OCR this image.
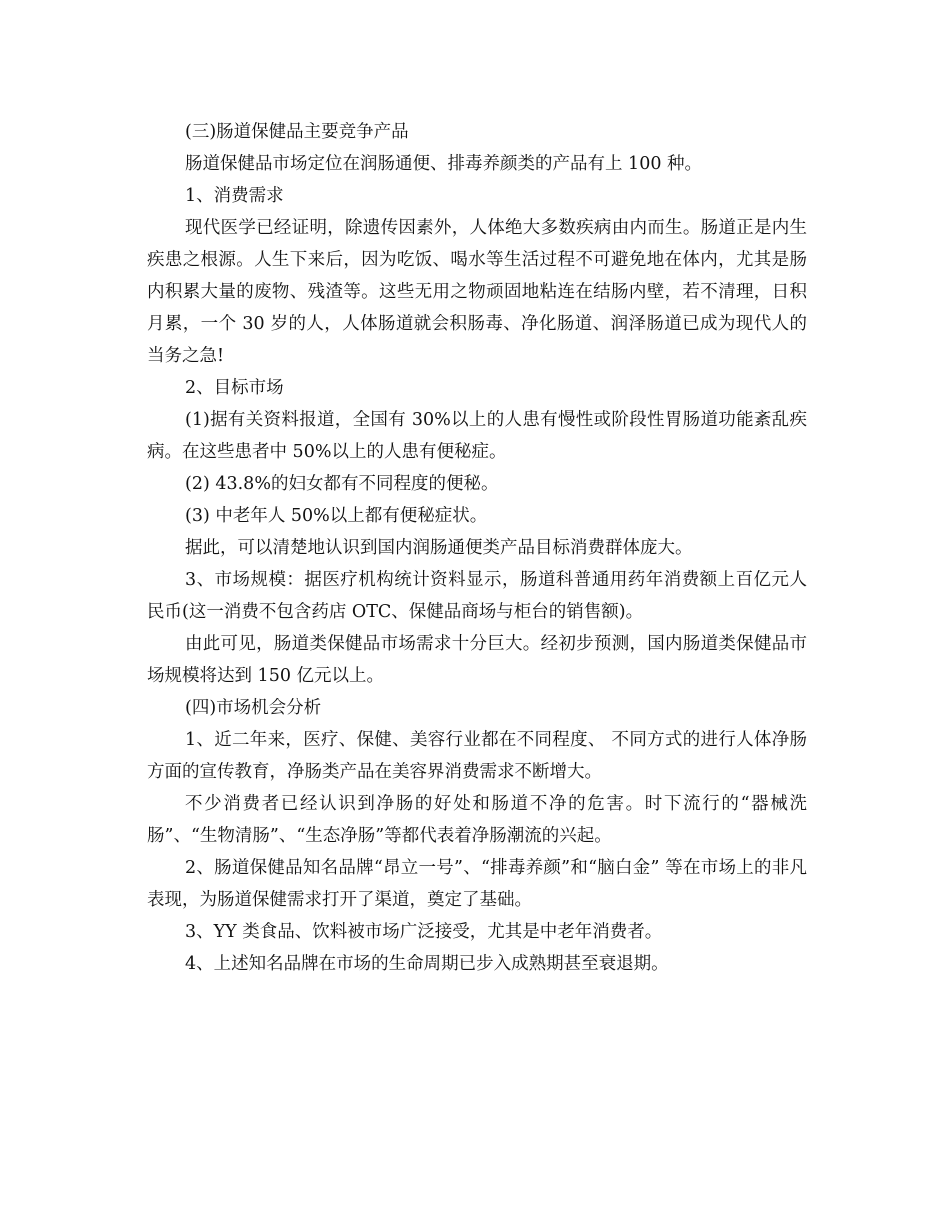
(三)肠道保健品主要竞争产品

肠道保健品市场定位在润肠通便、排毒养颜类的产品有上 100 种。

1、消费需求

现代医学已经证明，除遗传因素外，人体绝大多数疾病由内而生。肠道正是内生疾患之根源。人生下来后，因为吃饭、喝水等生活过程不可避免地在体内，尤其是肠内积累大量的废物、残渣等。这些无用之物顽固地粘连在结肠内壁，若不清理，日积月累，一个 30 岁的人，人体肠道就会积肠毒、净化肠道、润泽肠道已成为现代人的当务之急!

2、目标市场

(1)据有关资料报道，全国有 30%以上的人患有慢性或阶段性胃肠道功能紊乱疾病。在这些患者中 50%以上的人患有便秘症。

(2) 43.8%的妇女都有不同程度的便秘。

(3) 中老年人 50%以上都有便秘症状。

据此，可以清楚地认识到国内润肠通便类产品目标消费群体庞大。

3、市场规模：据医疗机构统计资料显示，肠道科普通用药年消费额上百亿元人民币(这一消费不包含药店 OTC、保健品商场与柜台的销售额)。

由此可见，肠道类保健品市场需求十分巨大。经初步预测，国内肠道类保健品市场规模将达到 150 亿元以上。

(四)市场机会分析

1、近二年来，医疗、保健、美容行业都在不同程度、 不同方式的进行人体净肠方面的宣传教育，净肠类产品在美容界消费需求不断增大。

不少消费者已经认识到净肠的好处和肠道不净的危害。时下流行的“器械洗肠”、“生物清肠”、“生态净肠”等都代表着净肠潮流的兴起。

2、肠道保健品知名品牌“昂立一号”、“排毒养颜”和“脑白金” 等在市场上的非凡表现，为肠道保健需求打开了渠道，奠定了基础。

3、YY 类食品、饮料被市场广泛接受，尤其是中老年消费者。

4、上述知名品牌在市场的生命周期已步入成熟期甚至衰退期。
